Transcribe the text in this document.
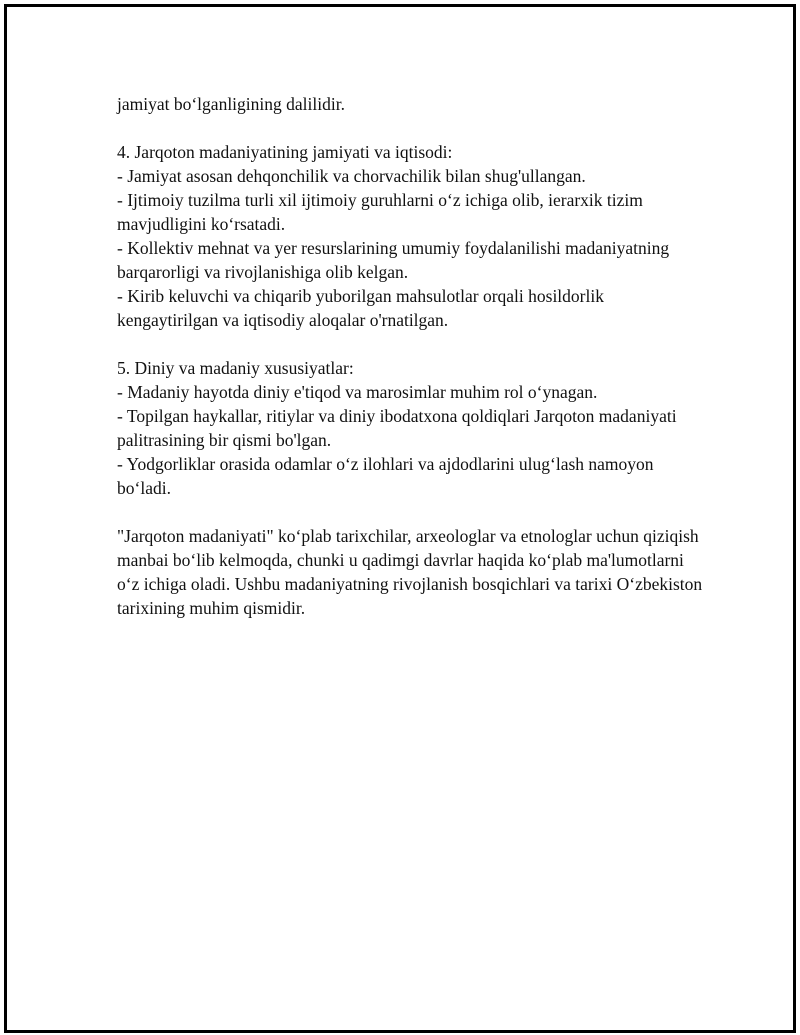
jamiyat bo‘lganligining dalilidir.

4. Jarqoton madaniyatining jamiyati va iqtisodi:

- Jamiyat asosan dehqonchilik va chorvachilik bilan shug'ullangan.

- Ijtimoiy tuzilma turli xil ijtimoiy guruhlarni o‘z ichiga olib, ierarxik tizim mavjudligini ko‘rsatadi.

- Kollektiv mehnat va yer resurslarining umumiy foydalanilishi madaniyatning barqarorligi va rivojlanishiga olib kelgan.

- Kirib keluvchi va chiqarib yuborilgan mahsulotlar orqali hosildorlik kengaytirilgan va iqtisodiy aloqalar o'rnatilgan.

5. Diniy va madaniy xususiyatlar:

- Madaniy hayotda diniy e'tiqod va marosimlar muhim rol o‘ynagan.

- Topilgan haykallar, ritiylar va diniy ibodatxona qoldiqlari Jarqoton madaniyati palitrasining bir qismi bo'lgan.

- Yodgorliklar orasida odamlar o‘z ilohlari va ajdodlarini ulug‘lash namoyon bo‘ladi.

"Jarqoton madaniyati" ko‘plab tarixchilar, arxeologlar va etnologlar uchun qiziqish manbai bo‘lib kelmoqda, chunki u qadimgi davrlar haqida ko‘plab ma'lumotlarni o‘z ichiga oladi. Ushbu madaniyatning rivojlanish bosqichlari va tarixi O‘zbekiston tarixining muhim qismidir.
